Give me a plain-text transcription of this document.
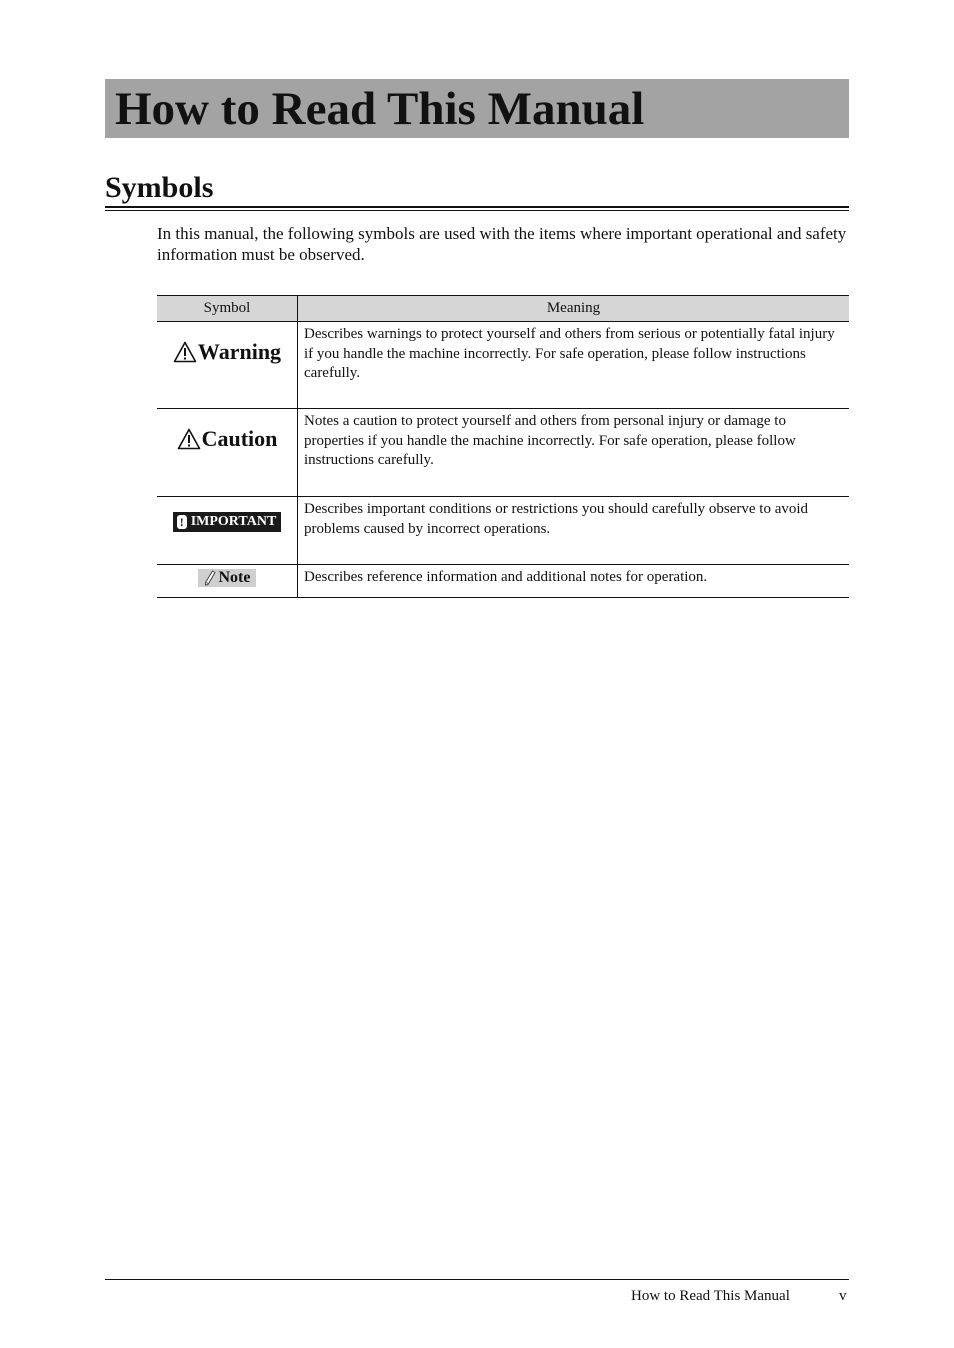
How to Read This Manual
Symbols

In this manual, the following symbols are used with the items where important operational and safety information must be observed.

Symbol	Meaning

Warning	Describes warnings to protect yourself and others from serious or potentially fatal injury if you handle the machine incorrectly. For safe operation, please follow instructions carefully.

Caution	Notes a caution to protect yourself and others from personal injury or damage to properties if you handle the machine incorrectly. For safe operation, please follow instructions carefully.

! IMPORTANT	Describes important conditions or restrictions you should carefully observe to avoid problems caused by incorrect operations.

Note	Describes reference information and additional notes for operation.
How to Read This Manual	v
